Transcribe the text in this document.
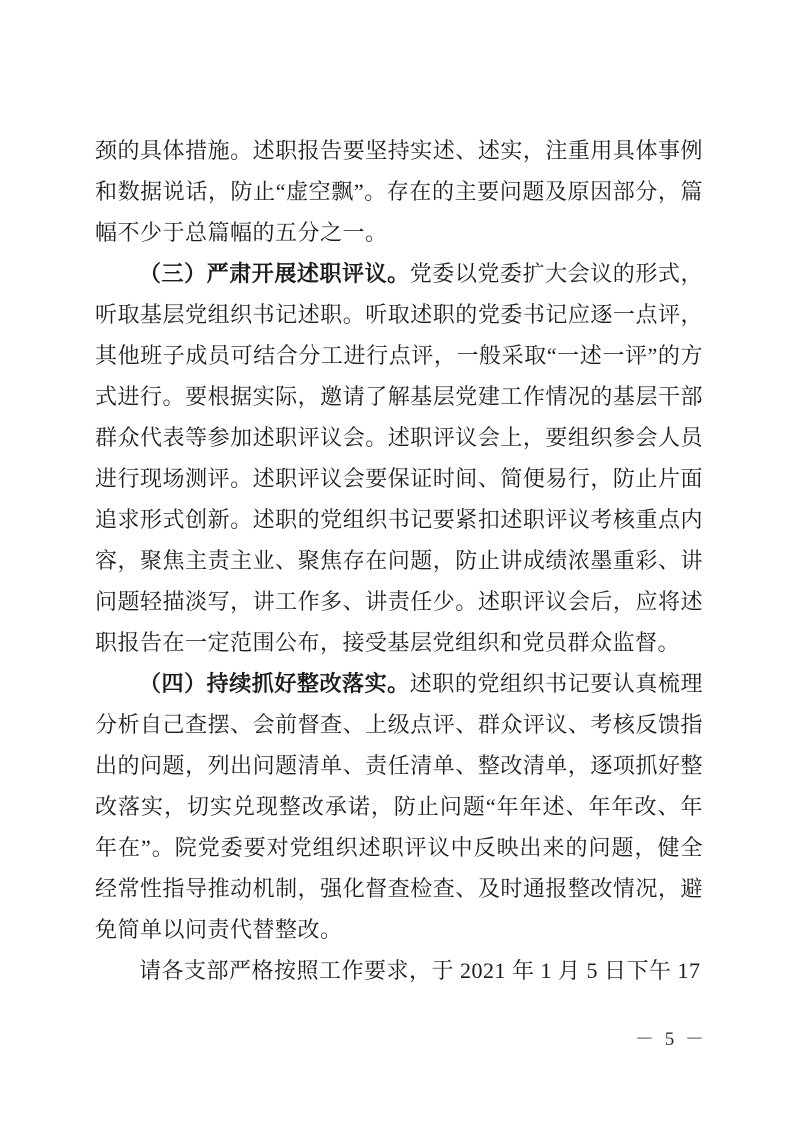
颈的具体措施。述职报告要坚持实述、述实，注重用具体事例和数据说话，防止“虚空飘”。存在的主要问题及原因部分，篇幅不少于总篇幅的五分之一。

（三）严肃开展述职评议。党委以党委扩大会议的形式，听取基层党组织书记述职。听取述职的党委书记应逐一点评，其他班子成员可结合分工进行点评，一般采取“一述一评”的方式进行。要根据实际，邀请了解基层党建工作情况的基层干部群众代表等参加述职评议会。述职评议会上，要组织参会人员进行现场测评。述职评议会要保证时间、简便易行，防止片面追求形式创新。述职的党组织书记要紧扣述职评议考核重点内容，聚焦主责主业、聚焦存在问题，防止讲成绩浓墨重彩、讲问题轻描淡写，讲工作多、讲责任少。述职评议会后，应将述职报告在一定范围公布，接受基层党组织和党员群众监督。

（四）持续抓好整改落实。述职的党组织书记要认真梳理分析自己查摆、会前督查、上级点评、群众评议、考核反馈指出的问题，列出问题清单、责任清单、整改清单，逐项抓好整改落实，切实兑现整改承诺，防止问题“年年述、年年改、年年在”。院党委要对党组织述职评议中反映出来的问题，健全经常性指导推动机制，强化督查检查、及时通报整改情况，避免简单以问责代替整改。

请各支部严格按照工作要求，于 2021 年 1 月 5 日下午 17

－ 5 －
